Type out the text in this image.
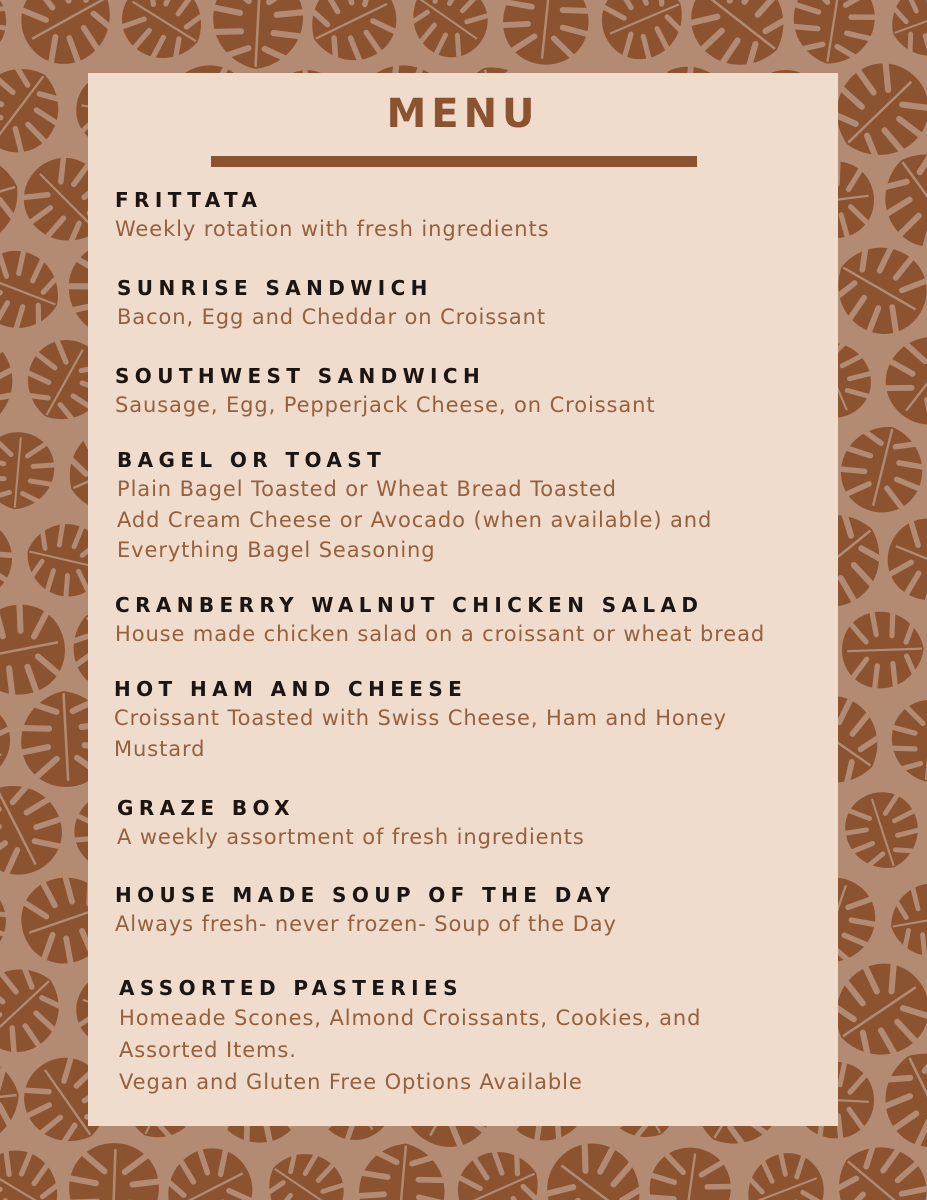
MENU
FRITTATA
Weekly rotation with fresh ingredients
SUNRISE SANDWICH
Bacon, Egg and Cheddar on Croissant
SOUTHWEST SANDWICH
Sausage, Egg, Pepperjack Cheese, on Croissant
BAGEL OR TOAST
Plain Bagel Toasted or Wheat Bread Toasted
Add Cream Cheese or Avocado (when available) and
Everything Bagel Seasoning
CRANBERRY WALNUT CHICKEN SALAD
House made chicken salad on a croissant or wheat bread
HOT HAM AND CHEESE
Croissant Toasted with Swiss Cheese, Ham and Honey
Mustard
GRAZE BOX
A weekly assortment of fresh ingredients
HOUSE MADE SOUP OF THE DAY
Always fresh- never frozen- Soup of the Day
ASSORTED PASTERIES
Homeade Scones, Almond Croissants, Cookies, and
Assorted Items.
Vegan and Gluten Free Options Available
